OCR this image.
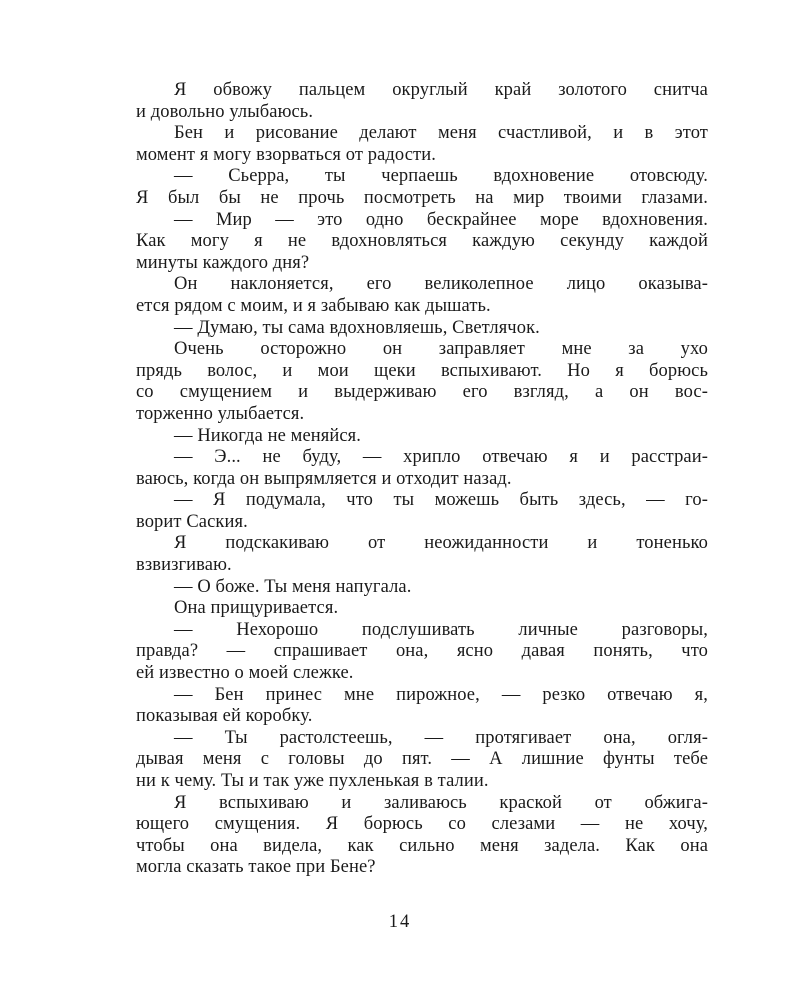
Я обвожу пальцем округлый край золотого снитча
и довольно улыбаюсь.
Бен и рисование делают меня счастливой, и в этот
момент я могу взорваться от радости.
— Сьерра, ты черпаешь вдохновение отовсюду.
Я был бы не прочь посмотреть на мир твоими глазами.
— Мир — это одно бескрайнее море вдохновения.
Как могу я не вдохновляться каждую секунду каждой
минуты каждого дня?
Он наклоняется, его великолепное лицо оказыва-
ется рядом с моим, и я забываю как дышать.
— Думаю, ты сама вдохновляешь, Светлячок.
Очень осторожно он заправляет мне за ухо
прядь волос, и мои щеки вспыхивают. Но я борюсь
со смущением и выдерживаю его взгляд, а он вос-
торженно улыбается.
— Никогда не меняйся.
— Э... не буду, — хрипло отвечаю я и расстраи-
ваюсь, когда он выпрямляется и отходит назад.
— Я подумала, что ты можешь быть здесь, — го-
ворит Саския.
Я подскакиваю от неожиданности и тоненько
взвизгиваю.
— О боже. Ты меня напугала.
Она прищуривается.
— Нехорошо подслушивать личные разговоры,
правда? — спрашивает она, ясно давая понять, что
ей известно о моей слежке.
— Бен принес мне пирожное, — резко отвечаю я,
показывая ей коробку.
— Ты растолстеешь, — протягивает она, огля-
дывая меня с головы до пят. — А лишние фунты тебе
ни к чему. Ты и так уже пухленькая в талии.
Я вспыхиваю и заливаюсь краской от обжига-
ющего смущения. Я борюсь со слезами — не хочу,
чтобы она видела, как сильно меня задела. Как она
могла сказать такое при Бене?
14
